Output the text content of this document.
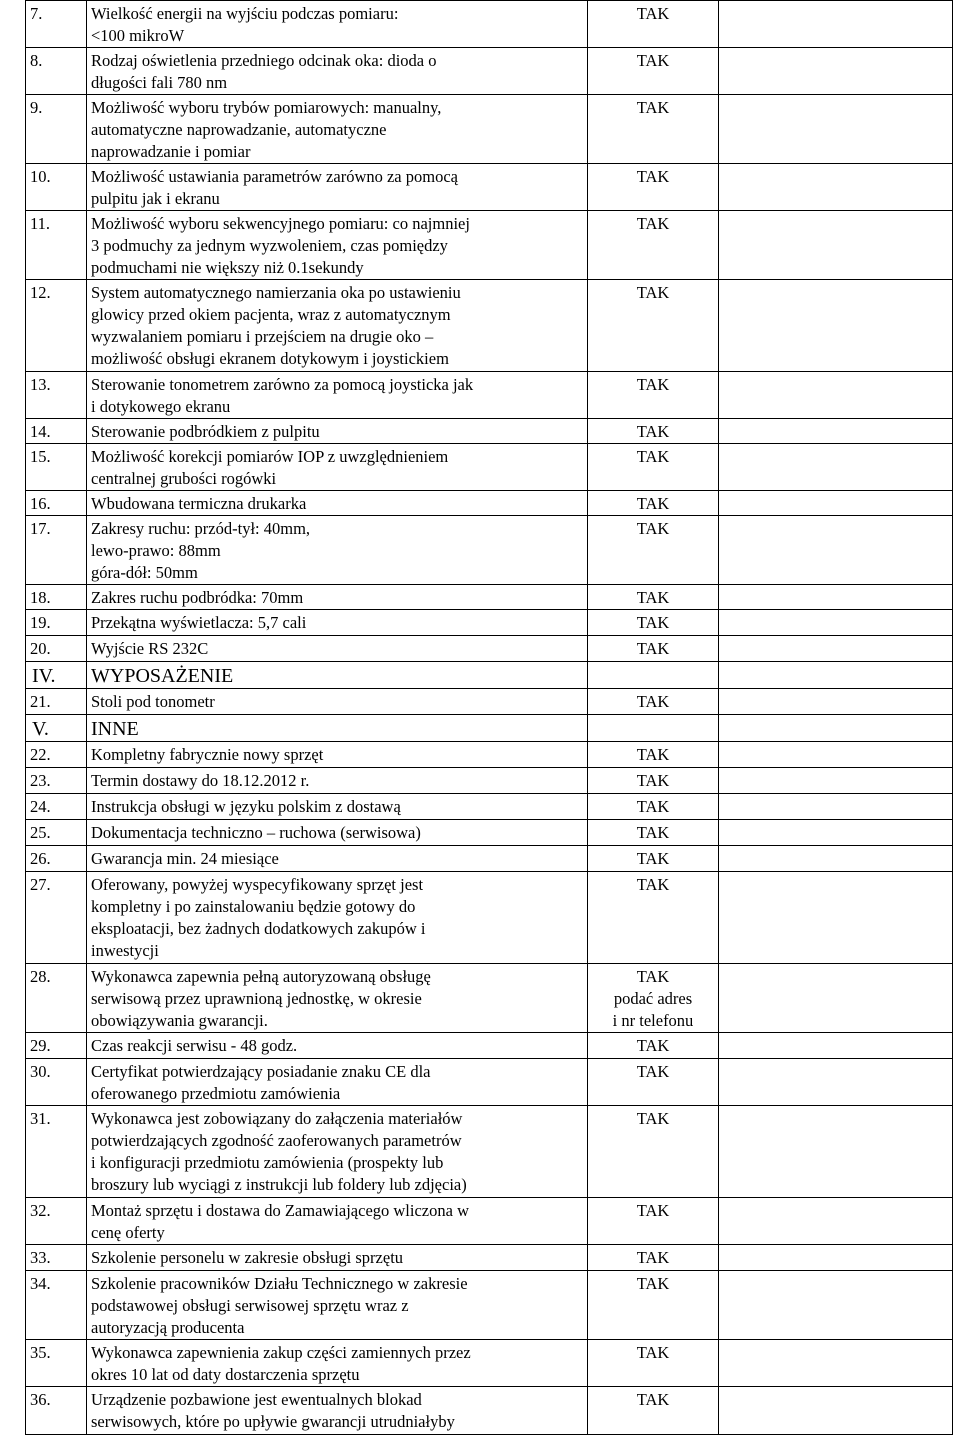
7.	Wielkość energii na wyjściu podczas pomiaru:
<100 mikroW	TAK	
8.	Rodzaj oświetlenia przedniego odcinak oka: dioda o
długości fali 780 nm	TAK	
9.	Możliwość wyboru trybów pomiarowych: manualny,
automatyczne naprowadzanie, automatyczne
naprowadzanie i pomiar	TAK	
10.	Możliwość ustawiania parametrów zarówno za pomocą
pulpitu jak i ekranu	TAK	
11.	Możliwość wyboru sekwencyjnego pomiaru: co najmniej
3 podmuchy za jednym wyzwoleniem, czas pomiędzy
podmuchami nie większy niż 0.1sekundy	TAK	
12.	System automatycznego namierzania oka po ustawieniu
glowicy przed okiem pacjenta, wraz z automatycznym
wyzwalaniem pomiaru i przejściem na drugie oko –
możliwość obsługi ekranem dotykowym i joystickiem	TAK	
13.	Sterowanie tonometrem zarówno za pomocą joysticka jak
i dotykowego ekranu	TAK	
14.	Sterowanie podbródkiem z pulpitu	TAK	
15.	Możliwość korekcji pomiarów IOP z uwzględnieniem
centralnej grubości rogówki	TAK	
16.	Wbudowana termiczna drukarka	TAK	
17.	Zakresy ruchu: przód-tył: 40mm,
lewo-prawo: 88mm
góra-dół: 50mm	TAK	
18.	Zakres ruchu podbródka: 70mm	TAK	
19.	Przekątna wyświetlacza: 5,7 cali	TAK	
20.	Wyjście RS 232C	TAK	
IV.	WYPOSAŻENIE		
21.	Stoli pod tonometr	TAK	
V.	INNE		
22.	Kompletny fabrycznie nowy sprzęt	TAK	
23.	Termin dostawy do 18.12.2012 r.	TAK	
24.	Instrukcja obsługi w języku polskim z dostawą	TAK	
25.	Dokumentacja techniczno – ruchowa (serwisowa)	TAK	
26.	Gwarancja min. 24 miesiące	TAK	
27.	Oferowany, powyżej wyspecyfikowany sprzęt jest
kompletny i po zainstalowaniu będzie gotowy do
eksploatacji, bez żadnych dodatkowych zakupów i
inwestycji	TAK	
28.	Wykonawca zapewnia pełną autoryzowaną obsługę
serwisową przez uprawnioną jednostkę, w okresie
obowiązywania gwarancji.	TAK
podać adres
i nr telefonu	
29.	Czas reakcji serwisu - 48 godz.	TAK	
30.	Certyfikat potwierdzający posiadanie znaku CE dla
oferowanego przedmiotu zamówienia	TAK	
31.	Wykonawca jest zobowiązany do załączenia materiałów
potwierdzających zgodność zaoferowanych parametrów
i konfiguracji przedmiotu zamówienia (prospekty lub
broszury lub wyciągi z instrukcji lub foldery lub zdjęcia)	TAK	
32.	Montaż sprzętu i dostawa do Zamawiającego wliczona w
cenę oferty	TAK	
33.	Szkolenie personelu w zakresie obsługi sprzętu	TAK	
34.	Szkolenie pracowników Działu Technicznego w zakresie
podstawowej obsługi serwisowej sprzętu wraz z
autoryzacją producenta	TAK	
35.	Wykonawca zapewnienia zakup części zamiennych przez
okres 10 lat od daty dostarczenia sprzętu	TAK	
36.	Urządzenie pozbawione jest ewentualnych blokad
serwisowych, które po upływie gwarancji utrudniałyby	TAK	
